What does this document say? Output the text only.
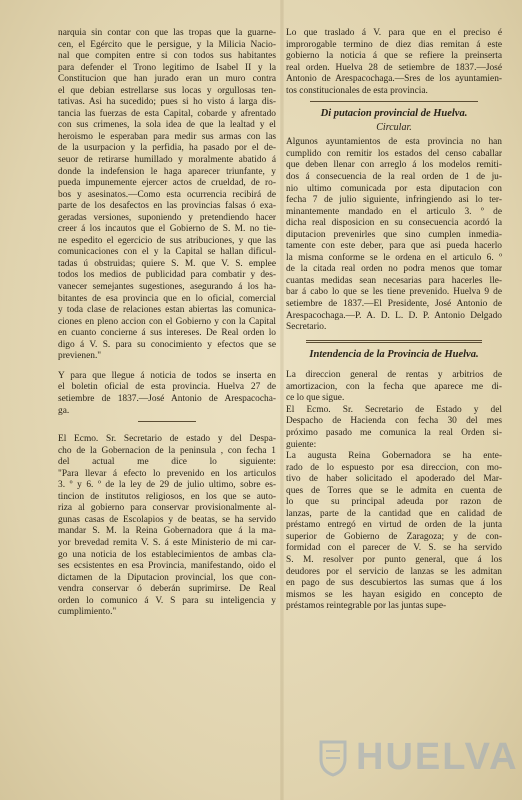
narquia sin contar con que las tropas que la guarne-
cen, el Egército que le persigue, y la Milicia Nacio-
nal que compiten entre si con todos sus habitantes
para defender el Trono legitimo de Isabel II y la
Constitucion que han jurado eran un muro contra
el que debian estrellarse sus locas y orgullosas ten-
tativas. Asi ha sucedido; pues si ho visto á larga dis-
tancia las fuerzas de esta Capital, cobarde y afrentado
con sus crimenes, la sola idea de que la lealtad y el
heroismo le esperaban para medir sus armas con las
de la usurpacion y la perfidia, ha pasado por el de-
seuor de retirarse humillado y moralmente abatido á
donde la indefension le haga aparecer triunfante, y
pueda impunemente ejercer actos de crueldad, de ro-
bos y asesinatos.—Como esta ocurrencia recibirá de
parte de los desafectos en las provincias falsas ó exa-
geradas versiones, suponiendo y pretendiendo hacer
creer á los incautos que el Gobierno de S. M. no tie-
ne espedito el egercicio de sus atribuciones, y que las
comunicaciones con el y la Capital se hallan dificul-
tadas ú obstruidas; quiere S. M. que V. S. emplee
todos los medios de publicidad para combatir y des-
vanecer semejantes sugestiones, asegurando á los ha-
bitantes de esa provincia que en lo oficial, comercial
y toda clase de relaciones estan abiertas las comunica-
ciones en pleno accion con el Gobierno y con la Capital
en cuanto concierne á sus intereses. De Real orden lo
digo á V. S. para su conocimiento y efectos que se
previenen."
Y para que llegue á noticia de todos se inserta en
el boletin oficial de esta provincia. Huelva 27 de
setiembre de 1837.—José Antonio de Arespacocha-
ga.
El Ecmo. Sr. Secretario de estado y del Despa-
cho de la Gobernacion de la peninsula , con fecha 1
del actual me dice lo siguiente:
"Para llevar á efecto lo prevenido en los articulos
3. º y 6. º de la ley de 29 de julio ultimo, sobre es-
tincion de institutos religiosos, en los que se auto-
riza al gobierno para conservar provisionalmente al-
gunas casas de Escolapios y de beatas, se ha servido
mandar S. M. la Reina Gobernadora que á la ma-
yor brevedad remita V. S. á este Ministerio de mi car-
go una noticia de los establecimientos de ambas cla-
ses ecsistentes en esa Provincia, manifestando, oido el
dictamen de la Diputacion provincial, los que con-
vendra conservar ó deberán suprimirse. De Real
orden lo comunico á V. S para su inteligencia y
cumplimiento."
Lo que traslado á V. para que en el preciso é
improrogable termino de diez dias remitan á este
gobierno la noticia á que se refiere la preinserta
real orden. Huelva 28 de setiembre de 1837.—José
Antonio de Arespacochaga.—Sres de los ayuntamien-
tos constitucionales de esta provincia.
Di putacion provincial de Huelva.
Circular.
Algunos ayuntamientos de esta provincia no han
cumplido con remitir los estados del censo caballar
que deben llenar con arreglo á los modelos remiti-
dos á consecuencia de la real orden de 1 de ju-
nio ultimo comunicada por esta diputacion con
fecha 7 de julio siguiente, infringiendo asi lo ter-
minantemente mandado en el articulo 3. º de
dicha real disposicion en su consecuencia acordó la
diputacion prevenirles que sino cumplen inmedia-
tamente con este deber, para que asi pueda hacerlo
la misma conforme se le ordena en el articulo 6. º
de la citada real orden no podra menos que tomar
cuantas medidas sean necesarias para hacerles lle-
bar á cabo lo que se les tiene prevenido. Huelva 9 de
setiembre de 1837.—El Presidente, José Antonio de
Arespacochaga.—P. A. D. L. D. P. Antonio Delgado
Secretario.
Intendencia de la Provincia de Huelva.
La direccion general de rentas y arbitrios de
amortizacion, con la fecha que aparece me di-
ce lo que sigue.
El Ecmo. Sr. Secretario de Estado y del
Despacho de Hacienda con fecha 30 del mes
próximo pasado me comunica la real Orden si-
guiente:
La augusta Reina Gobernadora se ha ente-
rado de lo espuesto por esa direccion, con mo-
tivo de haber solicitado el apoderado del Mar-
ques de Torres que se le admita en cuenta de
lo que su principal adeuda por razon de
lanzas, parte de la cantidad que en calidad de
préstamo entregó en virtud de orden de la junta
superior de Gobierno de Zaragoza; y de con-
formidad con el parecer de V. S. se ha servido
S. M. resolver por punto general, que á los
deudores por el servicio de lanzas se les admitan
en pago de sus descubiertos las sumas que á los
mismos se les hayan esigido en concepto de
préstamos reintegrable por las juntas supe-
HUELVA
